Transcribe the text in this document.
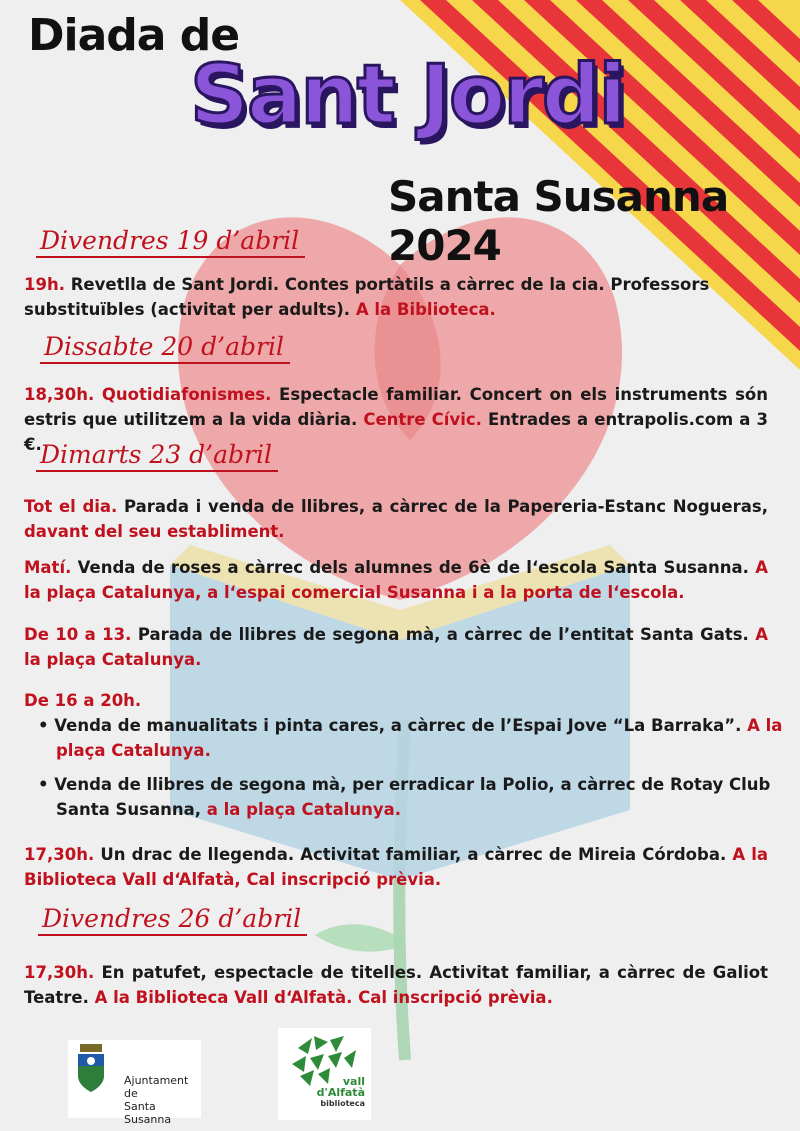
Diada de
Sant Jordi
Santa Susanna 2024
Divendres 19 d’abril

19h. Revetlla de Sant Jordi. Contes portàtils a càrrec de la cia. Professors substituïbles (activitat per adults). A la Biblioteca.

Dissabte 20 d’abril

18,30h. Quotidiafonismes. Espectacle familiar. Concert on els instruments són estris que utilitzem a la vida diària. Centre Cívic. Entrades a entrapolis.com a 3 €.

Dimarts 23 d’abril

Tot el dia. Parada i venda de llibres, a càrrec de la Papereria-Estanc Nogueras, davant del seu establiment.

Matí. Venda de roses a càrrec dels alumnes de 6è de l‘escola Santa Susanna. A la plaça Catalunya, a l‘espai comercial Susanna i a la porta de l‘escola.

De 10 a 13. Parada de llibres de segona mà, a càrrec de l’entitat Santa Gats. A la plaça Catalunya.

De 16 a 20h.

• Venda de manualitats i pinta cares, a càrrec de l’Espai Jove “La Barraka”. A la plaça Catalunya.
• Venda de llibres de segona mà, per erradicar la Polio, a càrrec de Rotay Club Santa Susanna, a la plaça Catalunya.

17,30h. Un drac de llegenda. Activitat familiar, a càrrec de Mireia Córdoba. A la Biblioteca Vall d‘Alfatà, Cal inscripció prèvia.

Divendres 26 d’abril

17,30h. En patufet, espectacle de titelles. Activitat familiar, a càrrec de Galiot Teatre. A la Biblioteca Vall d‘Alfatà. Cal inscripció prèvia.

Ajuntament de
Santa Susanna
vall
d'Alfatà
biblioteca
